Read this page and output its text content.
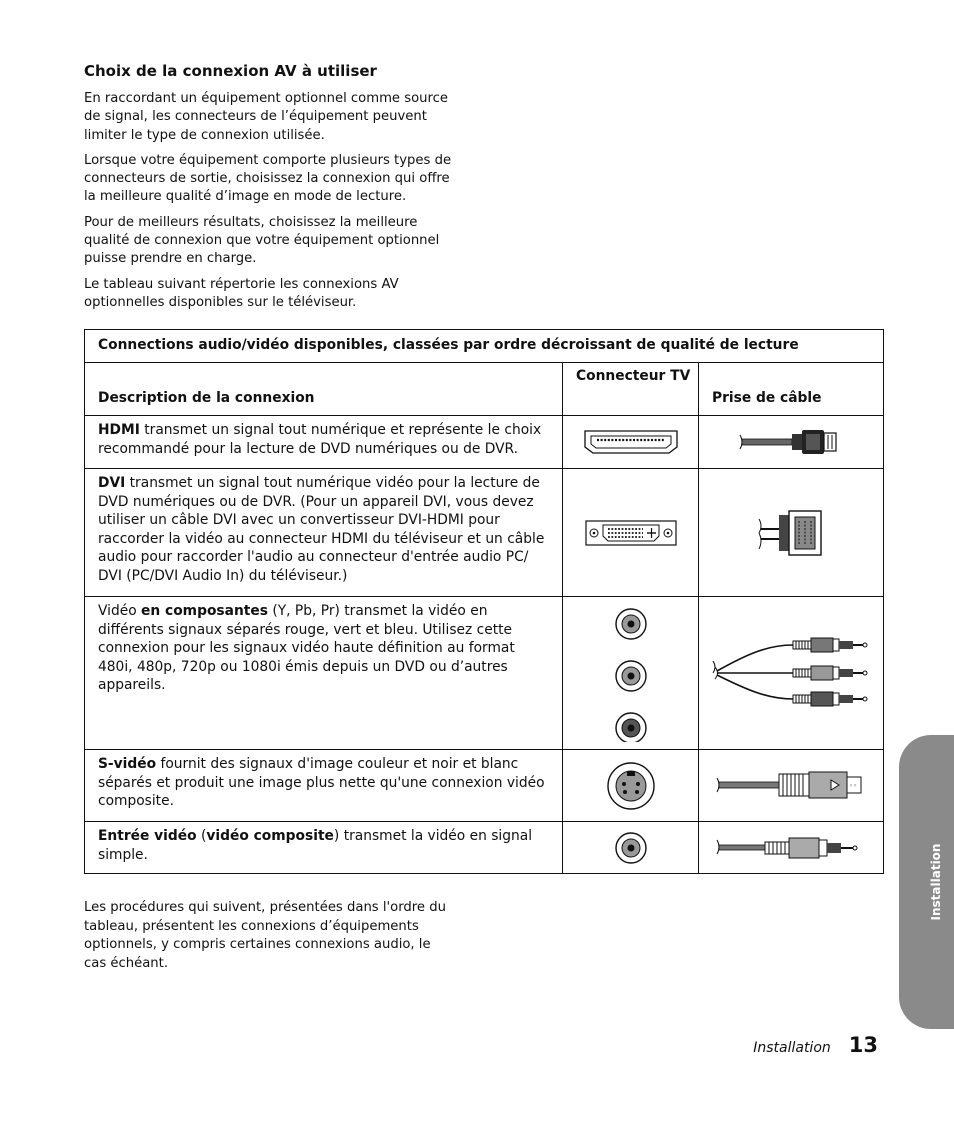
Choix de la connexion AV à utiliser

En raccordant un équipement optionnel comme source de signal, les connecteurs de l’équipement peuvent limiter le type de connexion utilisée.

Lorsque votre équipement comporte plusieurs types de connecteurs de sortie, choisissez la connexion qui offre la meilleure qualité d’image en mode de lecture.

Pour de meilleurs résultats, choisissez la meilleure qualité de connexion que votre équipement optionnel puisse prendre en charge.

Le tableau suivant répertorie les connexions AV optionnelles disponibles sur le téléviseur.

Connections audio/vidéo disponibles, classées par ordre décroissant de qualité de lecture		
Description de la connexion	Connecteur TV	Prise de câble
HDMI transmet un signal tout numérique et représente le choix recommandé pour la lecture de DVD numériques ou de DVR.	

DVI transmet un signal tout numérique vidéo pour la lecture de DVD numériques ou de DVR. (Pour un appareil DVI, vous devez utiliser un câble DVI avec un convertisseur DVI-HDMI pour raccorder la vidéo au connecteur HDMI du téléviseur et un câble audio pour raccorder l'audio au connecteur d'entrée audio PC/ DVI (PC/DVI Audio In) du téléviseur.)	

Vidéo en composantes (Y, Pb, Pr) transmet la vidéo en différents signaux séparés rouge, vert et bleu. Utilisez cette connexion pour les signaux vidéo haute définition au format 480i, 480p, 720p ou 1080i émis depuis un DVD ou d’autres appareils.	

S-vidéo fournit des signaux d'image couleur et noir et blanc séparés et produit une image plus nette qu'une connexion vidéo composite.		◦◦

Entrée vidéo (vidéo composite) transmet la vidéo en signal simple.	

Les procédures qui suivent, présentées dans l'ordre du tableau, présentent les connexions d’équipements optionnels, y compris certaines connexions audio, le cas échéant.

Installation
Installation 13
